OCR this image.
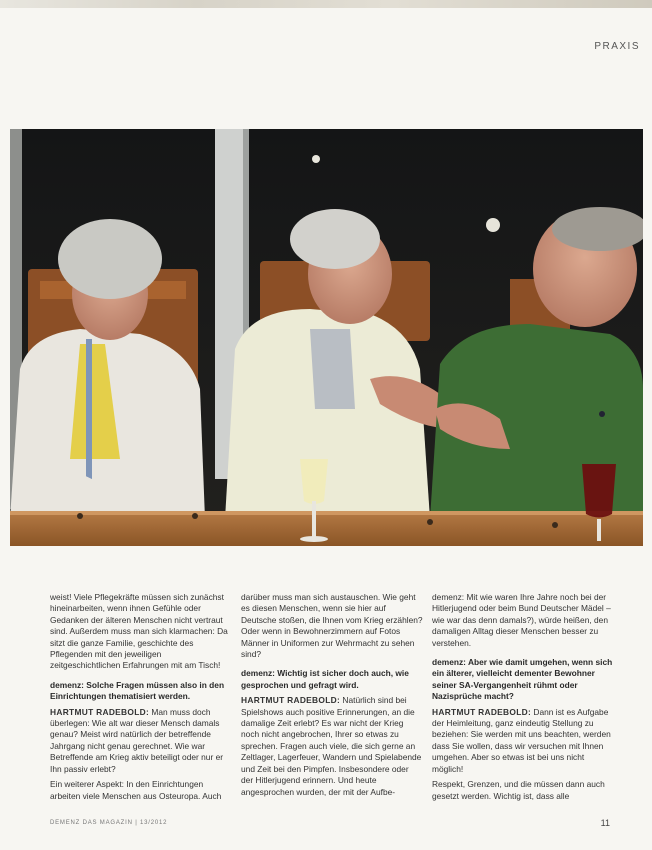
PRAXIS

weist! Viele Pflegekräfte müssen sich zunächst hineinarbeiten, wenn ihnen Gefühle oder Gedanken der älteren Menschen nicht vertraut sind. Außerdem muss man sich klarmachen: Da sitzt die ganze Familie, geschichte des Pflegenden mit den jeweiligen zeitgeschichtlichen Erfahrungen mit am Tisch!

demenz: Solche Fragen müssen also in den Einrichtungen thematisiert werden.

HARTMUT RADEBOLD: Man muss doch überlegen: Wie alt war dieser Mensch damals genau? Meist wird natürlich der betreffende Jahrgang nicht genau gerechnet. Wie war Betreffende am Krieg aktiv beteiligt oder nur er Ihn passiv erlebt?

Ein weiterer Aspekt: In den Einrichtungen arbeiten viele Menschen aus Osteuropa. Auch

darüber muss man sich austauschen. Wie geht es diesen Menschen, wenn sie hier auf Deutsche stoßen, die Ihnen vom Krieg erzählen? Oder wenn in Bewohnerzimmern auf Fotos Männer in Uniformen zur Wehrmacht zu sehen sind?

demenz: Wichtig ist sicher doch auch, wie gesprochen und gefragt wird.

HARTMUT RADEBOLD: Natürlich sind bei Spielshows auch positive Erinnerungen, an die damalige Zeit erlebt? Es war nicht der Krieg noch nicht angebrochen, Ihrer so etwas zu sprechen. Fragen auch viele, die sich gerne an Zeltlager, Lagerfeuer, Wandern und Spielabende und Zeit bei den Pimpfen. Insbesondere oder der Hitlerjugend erinnern. Und heute angesprochen wurden, der mit der Aufbe-

demenz: Mit wie waren Ihre Jahre noch bei der Hitlerjugend oder beim Bund Deutscher Mädel – wie war das denn damals?), würde heißen, den damaligen Alltag dieser Menschen besser zu verstehen.

demenz: Aber wie damit umgehen, wenn sich ein älterer, vielleicht dementer Bewohner seiner SA-Vergangenheit rühmt oder Nazisprüche macht?

HARTMUT RADEBOLD: Dann ist es Aufgabe der Heimleitung, ganz eindeutig Stellung zu beziehen: Sie werden mit uns beachten, werden dass Sie wollen, dass wir versuchen mit Ihnen umgehen. Aber so etwas ist bei uns nicht möglich!

Respekt, Grenzen, und die müssen dann auch gesetzt werden. Wichtig ist, dass alle

DEMENZ DAS MAGAZIN | 13/2012	11
